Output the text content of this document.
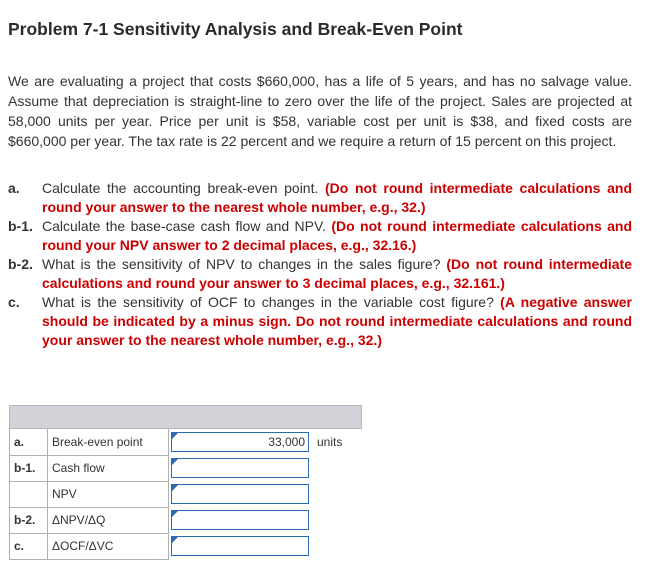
Problem 7-1 Sensitivity Analysis and Break-Even Point
We are evaluating a project that costs $660,000, has a life of 5 years, and has no salvage value. Assume that depreciation is straight-line to zero over the life of the project. Sales are projected at 58,000 units per year. Price per unit is $58, variable cost per unit is $38, and fixed costs are $660,000 per year. The tax rate is 22 percent and we require a return of 15 percent on this project.
a.	Calculate the accounting break-even point. (Do not round intermediate calculations and round your answer to the nearest whole number, e.g., 32.)
b-1. Calculate the base-case cash flow and NPV. (Do not round intermediate calculations and round your NPV answer to 2 decimal places, e.g., 32.16.)
b-2. What is the sensitivity of NPV to changes in the sales figure? (Do not round intermediate calculations and round your answer to 3 decimal places, e.g., 32.161.)
c.	What is the sensitivity of OCF to changes in the variable cost figure? (A negative answer should be indicated by a minus sign. Do not round intermediate calculations and round your answer to the nearest whole number, e.g., 32.)

a.	Break-even point	33,000	units
b-1.	Cash flow	

	NPV	

b-2.	ΔNPV/ΔQ	

c.	ΔOCF/ΔVC	
